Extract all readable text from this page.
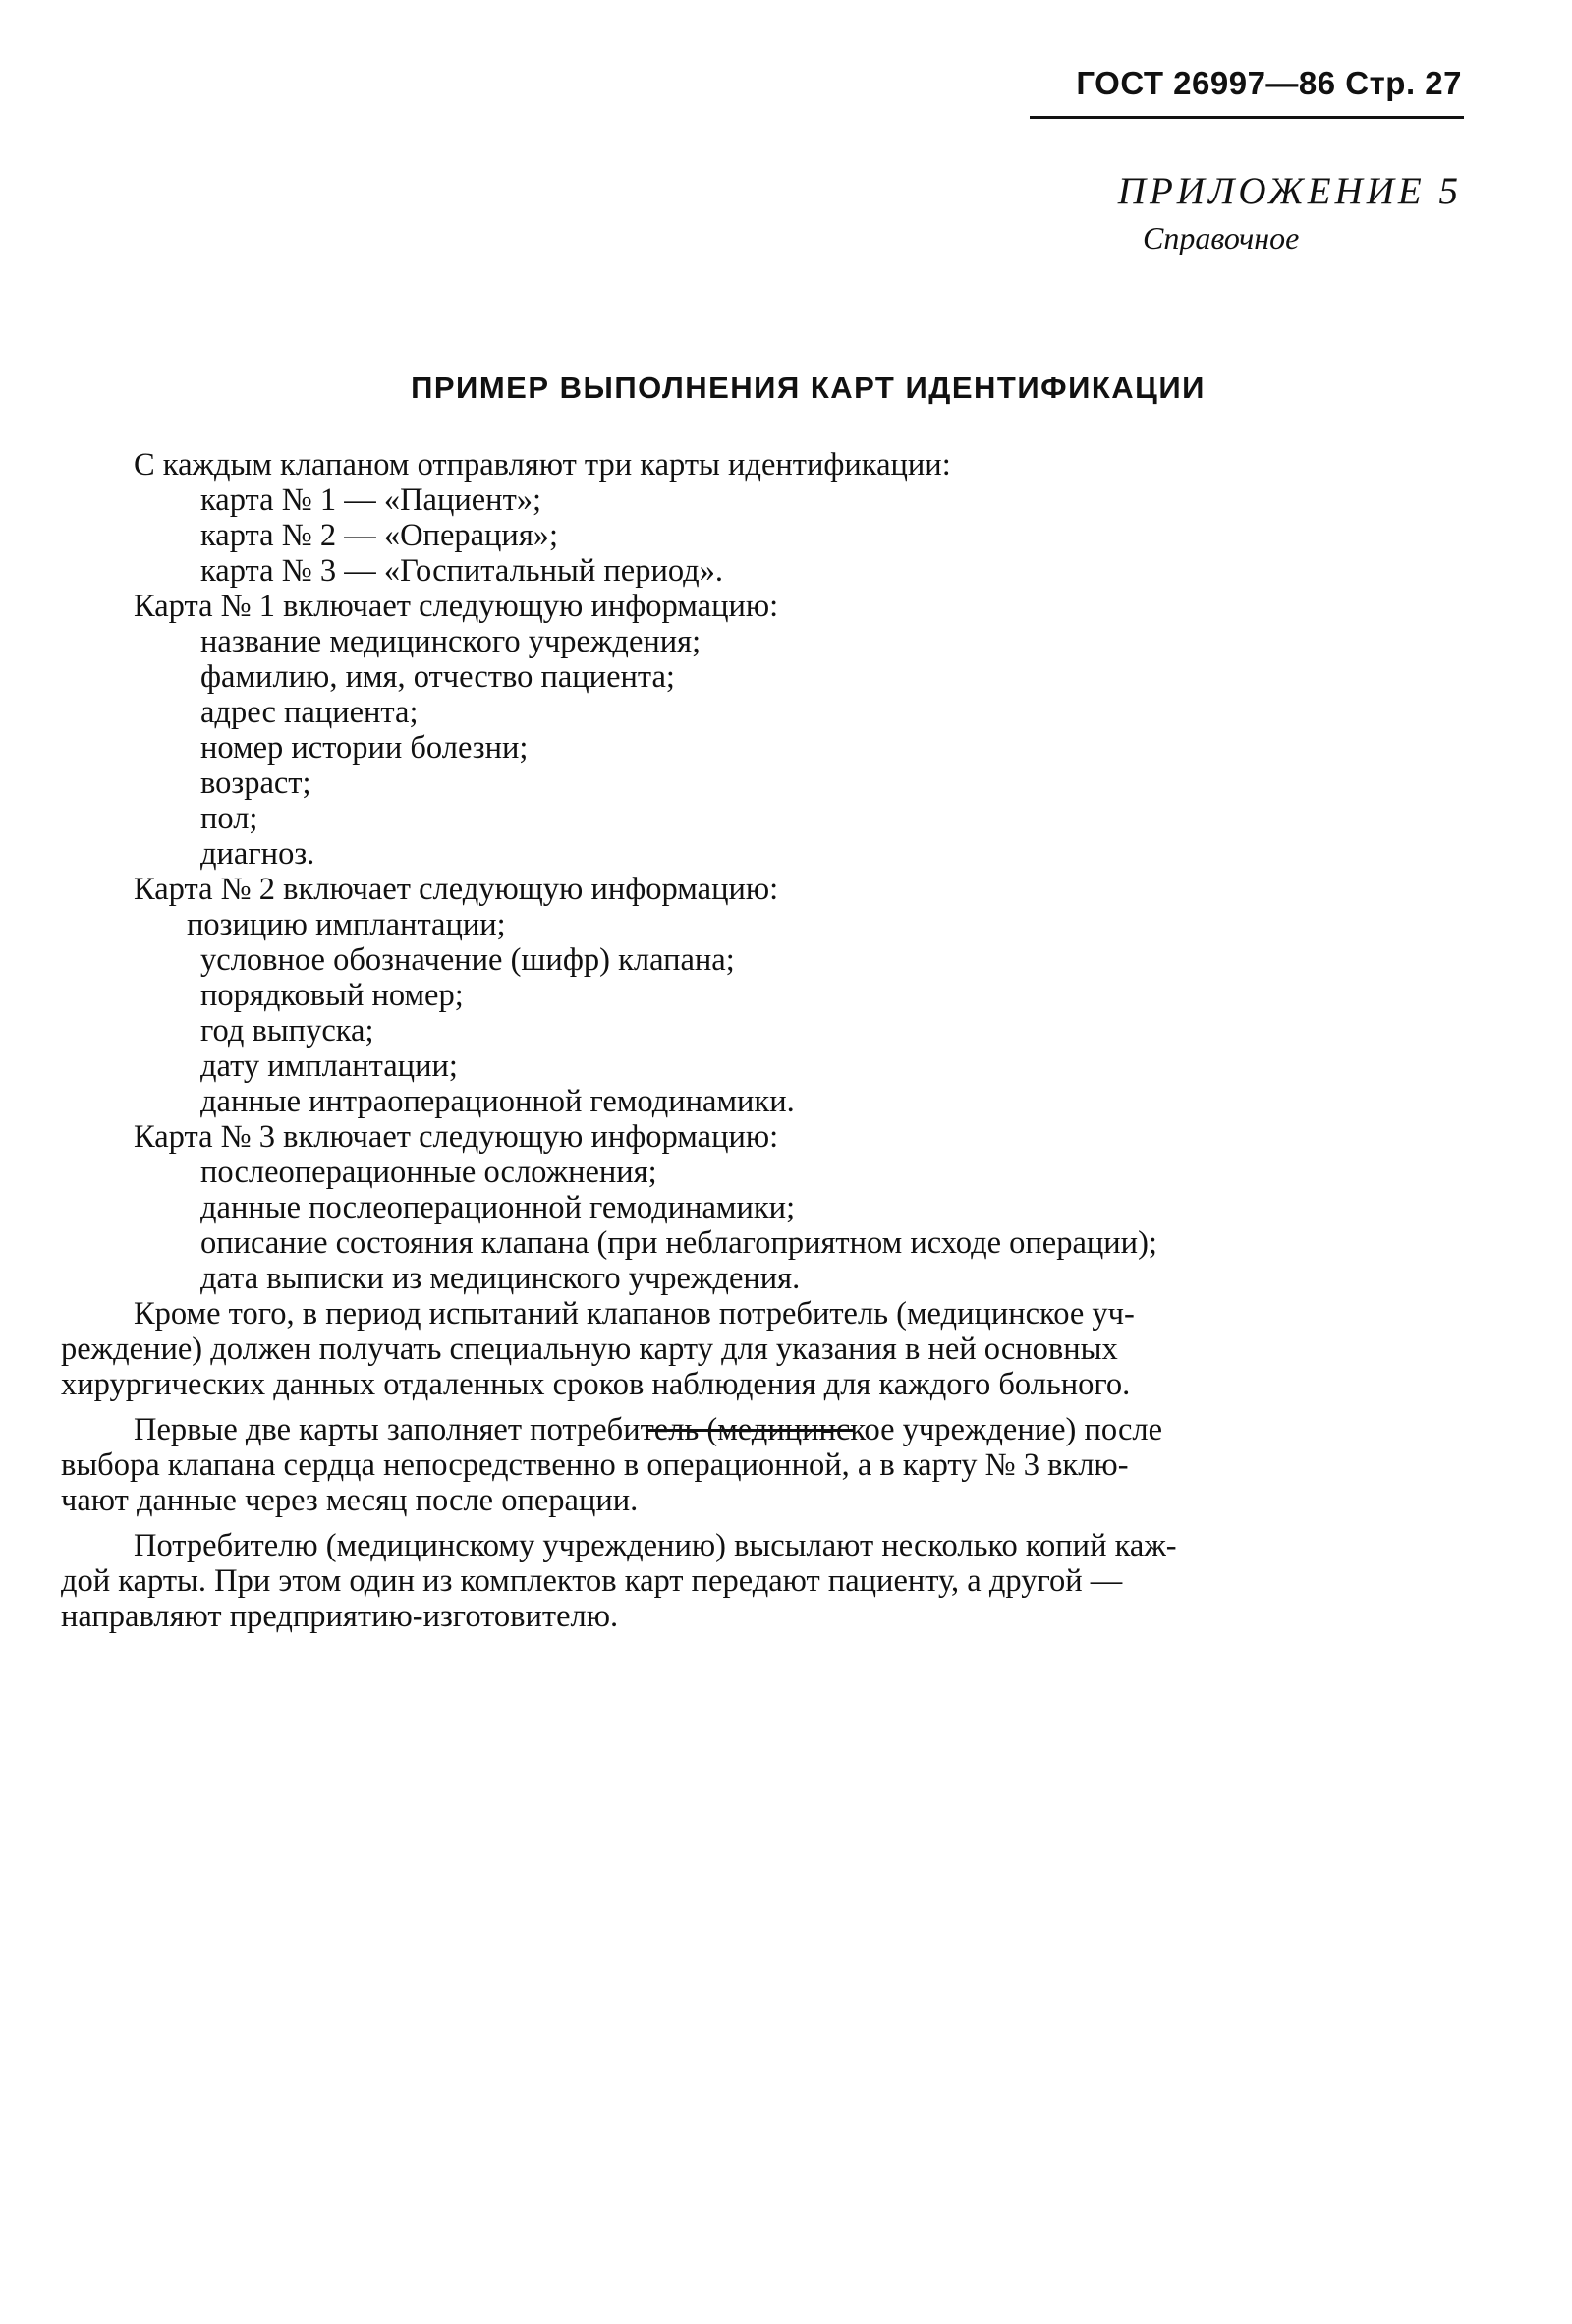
ГОСТ 26997—86 Стр. 27
ПРИЛОЖЕНИЕ 5
Справочное
ПРИМЕР ВЫПОЛНЕНИЯ КАРТ ИДЕНТИФИКАЦИИ
С каждым клапаном отправляют три карты идентификации:
карта № 1 — «Пациент»;
карта № 2 — «Операция»;
карта № 3 — «Госпитальный период».
Карта № 1 включает следующую информацию:
название медицинского учреждения;
фамилию, имя, отчество пациента;
адрес пациента;
номер истории болезни;
возраст;
пол;
диагноз.
Карта № 2 включает следующую информацию:
позицию имплантации;
условное обозначение (шифр) клапана;
порядковый номер;
год выпуска;
дату имплантации;
данные интраоперационной гемодинамики.
Карта № 3 включает следующую информацию:
послеоперационные осложнения;
данные послеоперационной гемодинамики;
описание состояния клапана (при неблагоприятном исходе операции);
дата выписки из медицинского учреждения.
Кроме того, в период испытаний клапанов потребитель (медицинское уч-
реждение) должен получать специальную карту для указания в ней основных
хирургических данных отдаленных сроков наблюдения для каждого больного.
Первые две карты заполняет потребитель (медицинское учреждение) после
выбора клапана сердца непосредственно в операционной, а в карту № 3 вклю-
чают данные через месяц после операции.
Потребителю (медицинскому учреждению) высылают несколько копий каж-
дой карты. При этом один из комплектов карт передают пациенту, а другой —
направляют предприятию-изготовителю.
